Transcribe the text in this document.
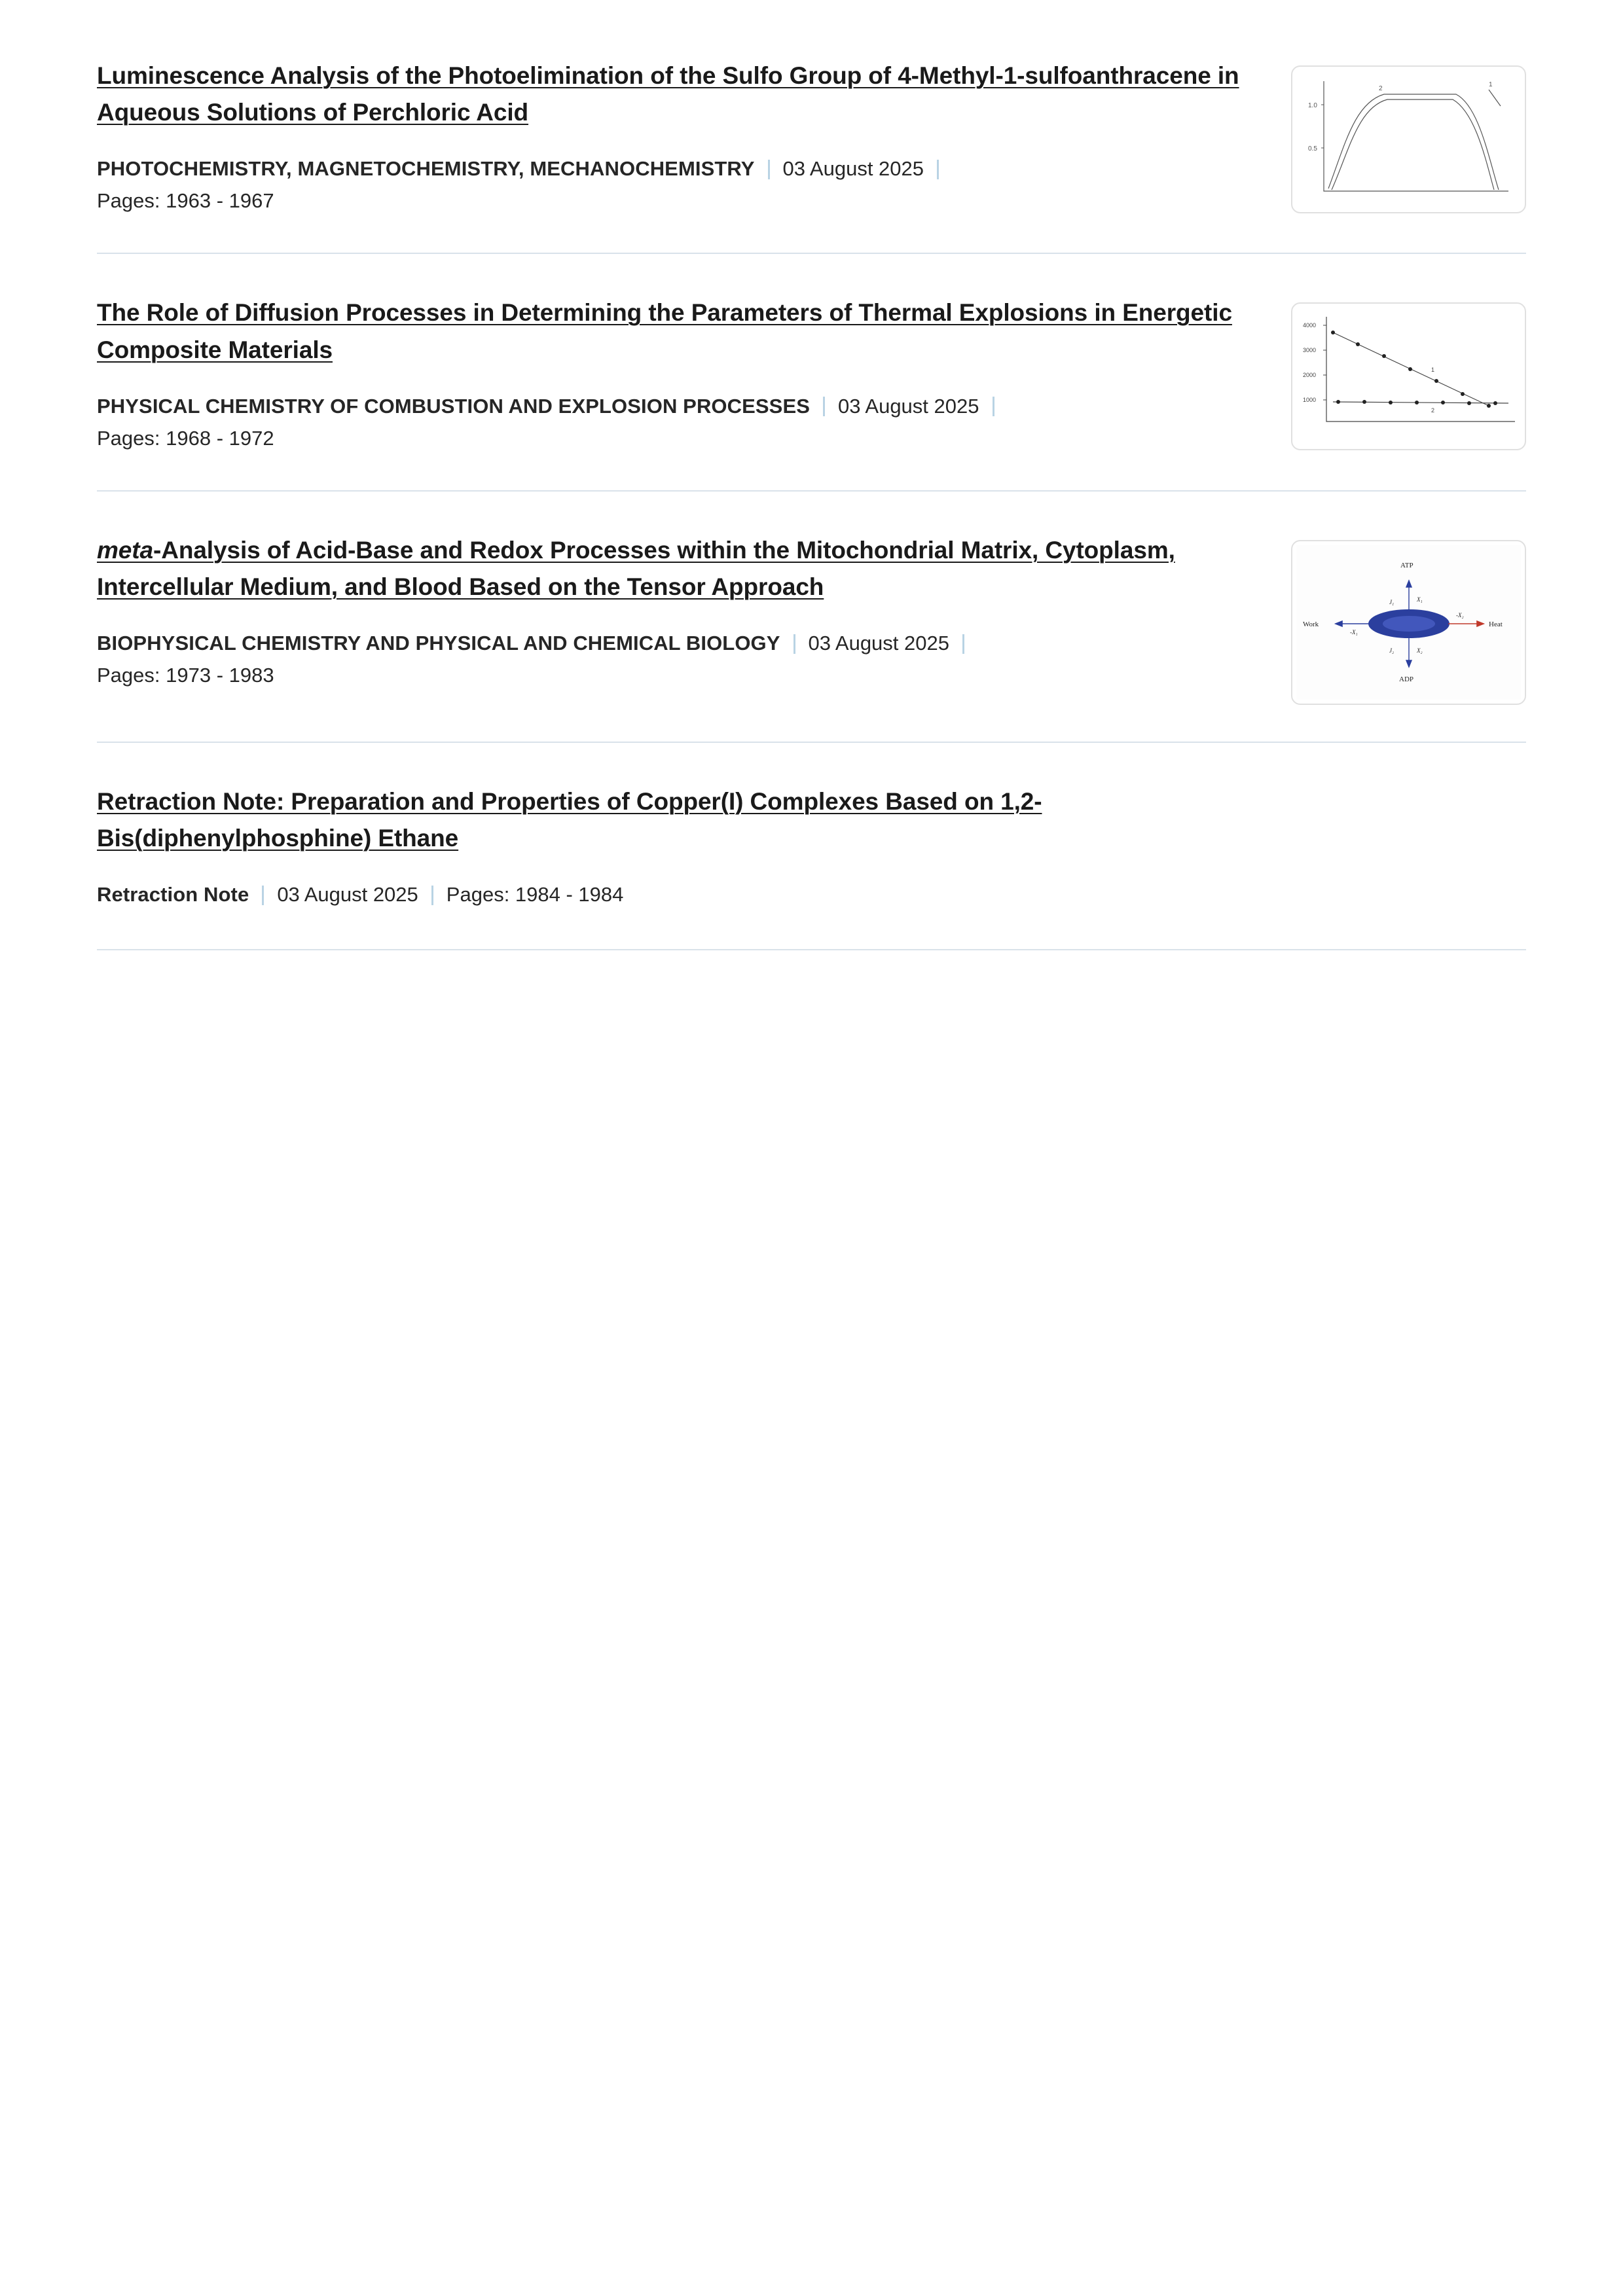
Luminescence Analysis of the Photoelimination of the Sulfo Group of 4-Methyl-1-sulfoanthracene in Aqueous Solutions of Perchloric Acid
PHOTOCHEMISTRY, MAGNETOCHEMISTRY, MECHANOCHEMISTRY 03 August 2025
Pages: 1963 - 1967
1.0
0.5
1
2
The Role of Diffusion Processes in Determining the Parameters of Thermal Explosions in Energetic Composite Materials
PHYSICAL CHEMISTRY OF COMBUSTION AND EXPLOSION PROCESSES 03 August 2025
Pages: 1968 - 1972
4000
3000
2000
1000
1
2
meta-Analysis of Acid-Base and Redox Processes within the Mitochondrial Matrix, Cytoplasm, Intercellular Medium, and Blood Based on the Tensor Approach
BIOPHYSICAL CHEMISTRY AND PHYSICAL AND CHEMICAL BIOLOGY 03 August 2025
Pages: 1973 - 1983
ATP
ADP
Work	Heat
J₁	X₁
J₂	X₂
-X₁
-X₂
Retraction Note: Preparation and Properties of Copper(I) Complexes Based on 1,2-Bis(diphenylphosphine) Ethane
Retraction Note 03 August 2025 Pages: 1984 - 1984
